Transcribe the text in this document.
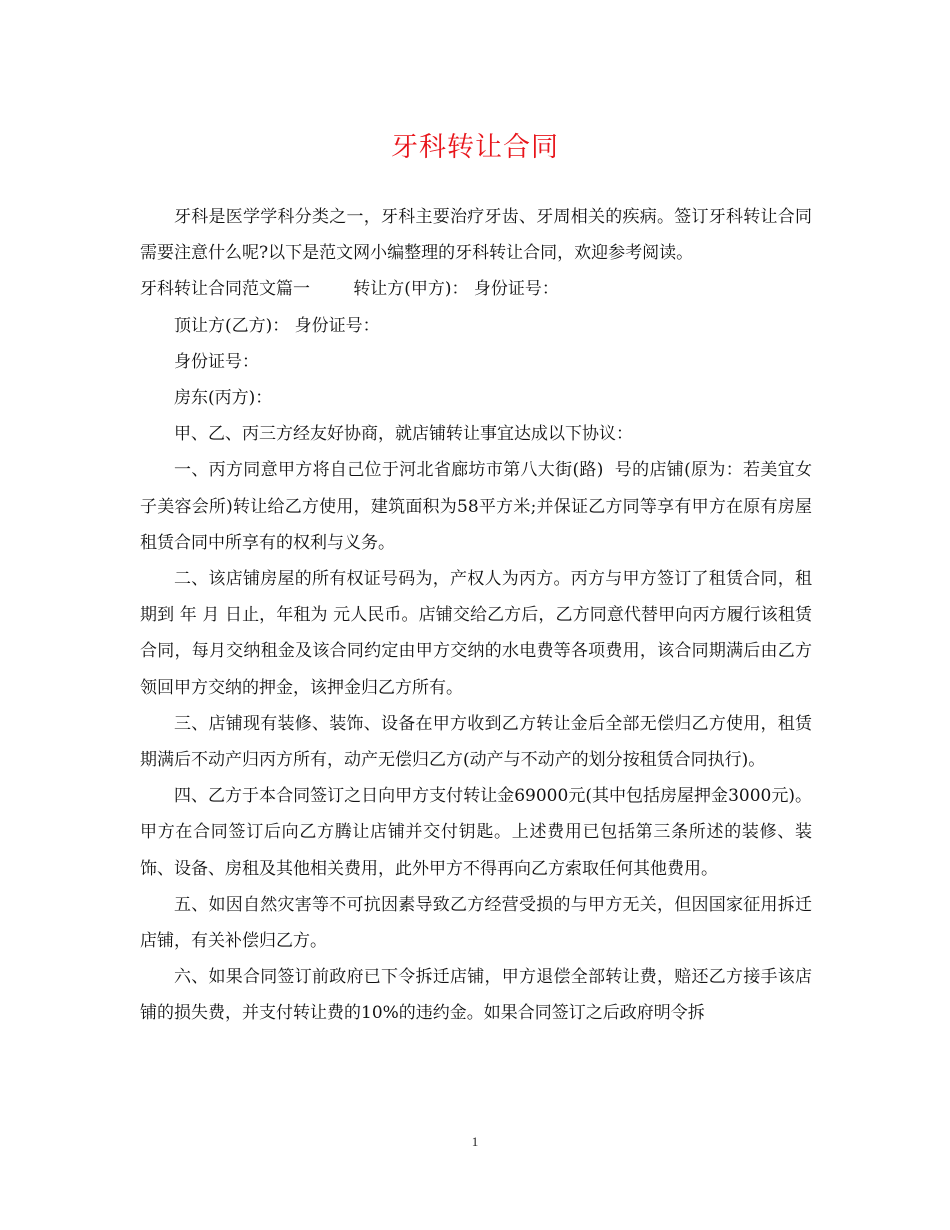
牙科转让合同

牙科是医学学科分类之一，牙科主要治疗牙齿、牙周相关的疾病。签订牙科转让合同需要注意什么呢?以下是范文网小编整理的牙科转让合同，欢迎参考阅读。

牙科转让合同范文篇一        转让方(甲方)： 身份证号：

顶让方(乙方)： 身份证号：

身份证号：

房东(丙方)：

甲、乙、丙三方经友好协商，就店铺转让事宜达成以下协议：

一、丙方同意甲方将自己位于河北省廊坊市第八大街(路)  号的店铺(原为：若美宜女子美容会所)转让给乙方使用，建筑面积为58平方米;并保证乙方同等享有甲方在原有房屋租赁合同中所享有的权利与义务。

二、该店铺房屋的所有权证号码为，产权人为丙方。丙方与甲方签订了租赁合同，租期到 年 月 日止，年租为 元人民币。店铺交给乙方后，乙方同意代替甲向丙方履行该租赁合同，每月交纳租金及该合同约定由甲方交纳的水电费等各项费用，该合同期满后由乙方领回甲方交纳的押金，该押金归乙方所有。

三、店铺现有装修、装饰、设备在甲方收到乙方转让金后全部无偿归乙方使用，租赁期满后不动产归丙方所有，动产无偿归乙方(动产与不动产的划分按租赁合同执行)。

四、乙方于本合同签订之日向甲方支付转让金69000元(其中包括房屋押金3000元)。甲方在合同签订后向乙方腾让店铺并交付钥匙。上述费用已包括第三条所述的装修、装饰、设备、房租及其他相关费用，此外甲方不得再向乙方索取任何其他费用。

五、如因自然灾害等不可抗因素导致乙方经营受损的与甲方无关，但因国家征用拆迁店铺，有关补偿归乙方。

六、如果合同签订前政府已下令拆迁店铺，甲方退偿全部转让费，赔还乙方接手该店铺的损失费，并支付转让费的10%的违约金。如果合同签订之后政府明令拆

1
